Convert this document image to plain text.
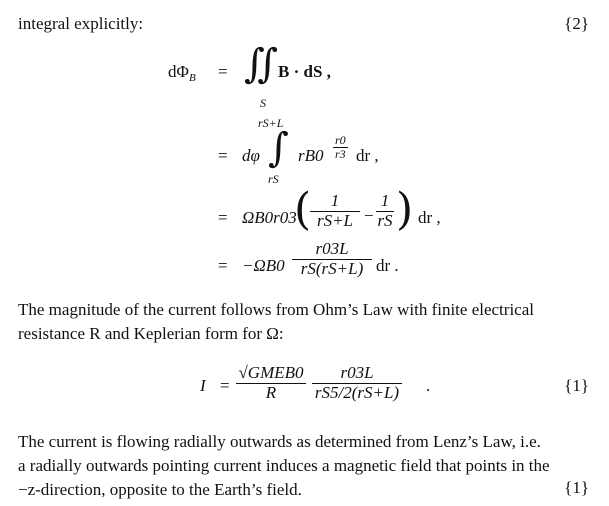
integral explicitly:	{2}
$d\Phi_B$ = ∬
S
B · dS ,
rS+L
= dφ ∫
rS
$rB0 \frac{r0}{r3}$ dr ,
= ΩB0r03
(
$\frac{1}{rS+L} - \frac{1}{rS}$ ) dr ,
= $-\Omega B0 \frac{r03L}{rS(rS+L)}$ dr .
The magnitude of the current follows from Ohm’s Law with finite electrical resistance R and Keplerian form for Ω:
I =
√GMEB0
R	$\frac{r03L}{rS5/2(rS+L)}$ .	{1}
The current is flowing radially outwards as determined from Lenz’s Law, i.e.
a radially outwards pointing current induces a magnetic field that points in the
−z-direction, opposite to the Earth’s field.	{1}
